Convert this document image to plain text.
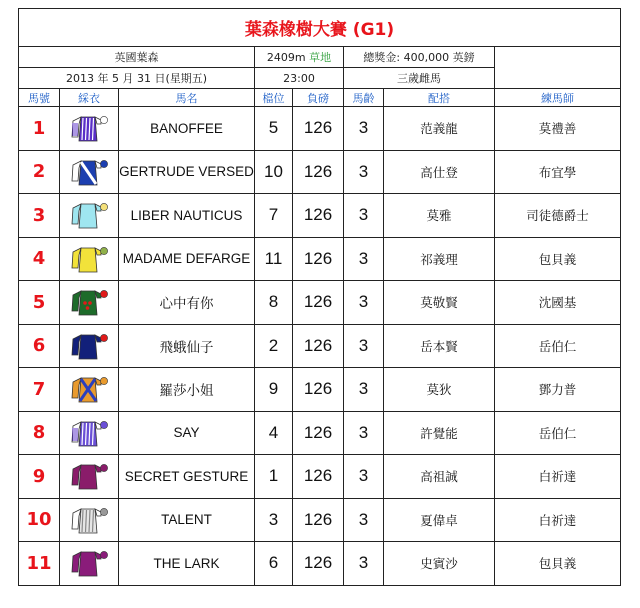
葉森橡樹大賽 (G1)							
英國葉森			2409m 草地		總獎金: 400,000 英鎊		
2013 年 5 月 31 日(星期五)			23:00		三歲雌馬		
馬號	綵衣	馬名	檔位	負磅	馬齡	配搭	練馬師
1		BANOFFEE	5	126	3	范義龍	莫禮善
2		GERTRUDE VERSED	10	126	3	高仕登	布宜學
3		LIBER NAUTICUS	7	126	3	莫雅	司徒德爵士
4		MADAME DEFARGE	11	126	3	祁義理	包貝義
5		心中有你	8	126	3	莫敬賢	沈國基
6		飛蛾仙子	2	126	3	岳本賢	岳伯仁
7		羅莎小姐	9	126	3	莫狄	鄧力普
8		SAY	4	126	3	許覺能	岳伯仁
9		SECRET GESTURE	1	126	3	高祖誠	白祈達
10		TALENT	3	126	3	夏偉卓	白祈達
11		THE LARK	6	126	3	史賓沙	包貝義
